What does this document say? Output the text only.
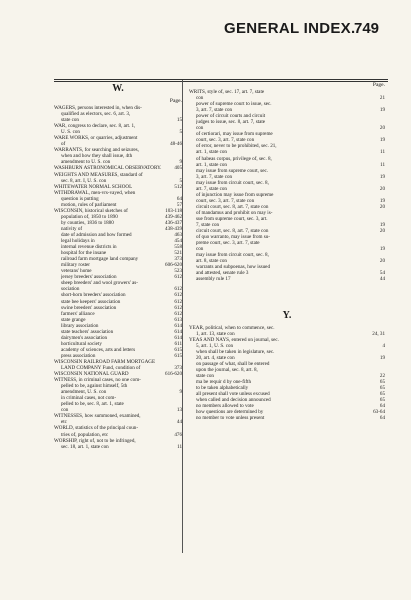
GENERAL INDEX.
749
W.
Page.
WAGERS, persons interested in, when dis-
qualified as electors, sec. 6, art. 3,
state con	15
WAR, congress to declare, sec. 8, art. 1,
U. S. con	5
WARE WORKS, or quarries, adjustment
of	48-46
WARRANTS, for searching and seizures,
when and how they shall issue, 4th
amendment to U. S. con	9
WASHBURN ASTRONOMICAL OBSERVATORY.	405
WEIGHTS AND MEASURES, standard of
sec. 8, art. I, U. S. con	5
WHITEWATER NORMAL SCHOOL	512
WITHDRAWAL, men-vrs-vayed, when
question is putting	64
motion, rules of parliament	57
WISCONSIN, historical sketches of	103-118
population of, 1850 to 1890	439-462
by counties, 1836 to 1880	436-437
nativity of	438-439
date of admission and how formed	463
legal holidays in	454
internal revenue districts in	558
hospital for the insane	521
railroad farm mortgage land company	373
military roster	606-620
veterans' home	523
jersey breeders' association	612
sheep breeders' and wool growers' as-
sociation	612
short-horn breeders' association	612
state bee keepers' association	612
swine breeders' association	612
farmers' alliance	612
state grange	613
library association	614
state teachers' association	614
dairymen's association	614
horticultural society	611
academy of sciences, arts and letters	615
press association	615
WISCONSIN RAILROAD FARM MORTGAGE
LAND COMPANY Fund, condition of	373
WISCONSIN NATIONAL GUARD	616-620
WITNESS, in criminal cases, no one com-
pelled to be, against himself, 5th
amendment, U. S. con	9
in criminal cases, not com-
pelled to be, sec. 8, art. 1, state
con	13
WITNESSES, how summoned, examined,
etc	44
WORLD, statistics of the principal coun-
tries of, population, etc	476
WORSHIP, right of, not to be infringed,
sec. 18, art. 1, state con	11
Page.
WRITS, style of, sec. 17, art. 7, state
con	21
power of supreme court to issue, sec.
3, art. 7, state con	19
power of circuit courts and circuit
judges to issue, sec. 8, art. 7, state
con	20
of certiorari, may issue from supreme
court, sec. 3, art. 7, state con	19
of error, never to be prohibited, sec. 21,
art. 1, state con	11
of habeas corpus, privilege of, sec. 8,
art. 1, state con	11
may issue from supreme court, sec.
3, art. 7, state con	19
may issue from circuit court, sec. 8,
art. 7, state con	20
of injunction may issue from supreme
court, sec. 3, art. 7, state con	19
circuit court, sec. 8, art. 7, state con	20
of mandamus and prohibit on may is-
sue from supreme court, sec. 3, art.
7, state con	19
circuit court, sec. 8, art. 7, state con	20
of quo warranto, may issue from su-
preme court, sec. 3, art. 7, state
con	19
may issue from circuit court, sec. 8,
art. 8, state con	20
warrants and subpoenas, how issued
and attested, senate rule 3	54
assembly rule 17	44
Y.
YEAR, political, when to commence, sec.
1, art. 13, state con	24, 31
YEAS AND NAYS, entered on journal, sec.
5, art. 1, U. S. con	4
when shall be taken in legislature, sec.
20, art. 4, state con	19
on passage of what, shall be entered
upon the journal, sec. 8, art. 8,
state con	22
ma be requir d by one-fifth	65
to be taken alphabetically	65
all present shall vote unless excused	65
when called and decision announced	65
no members allowed to vote	64
how questions are determined by	63-64
no member to vote unless present	64
